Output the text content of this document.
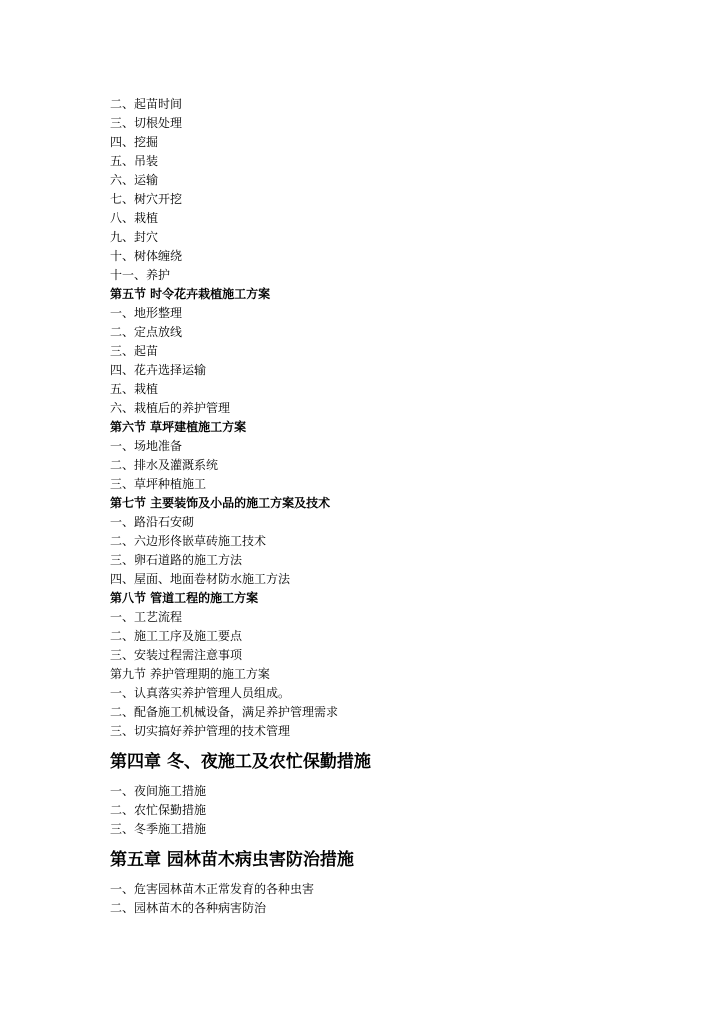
二、起苗时间
三、切根处理
四、挖掘
五、吊装
六、运输
七、树穴开挖
八、栽植
九、封穴
十、树体缠绕
十一、养护
第五节 时令花卉栽植施工方案
一、地形整理
二、定点放线
三、起苗
四、花卉选择运输
五、栽植
六、栽植后的养护管理
第六节 草坪建植施工方案
一、场地准备
二、排水及灌溉系统
三、草坪种植施工
第七节 主要装饰及小品的施工方案及技术
一、路沿石安砌
二、六边形佟嵌草砖施工技术
三、卵石道路的施工方法
四、屋面、地面卷材防水施工方法
第八节 管道工程的施工方案
一、工艺流程
二、施工工序及施工要点
三、安装过程需注意事项
第九节 养护管理期的施工方案
一、认真落实养护管理人员组成。
二、配备施工机械设备，满足养护管理需求
三、切实搞好养护管理的技术管理
第四章 冬、夜施工及农忙保勤措施
一、夜间施工措施
二、农忙保勤措施
三、冬季施工措施
第五章 园林苗木病虫害防治措施
一、危害园林苗木正常发育的各种虫害
二、园林苗木的各种病害防治
